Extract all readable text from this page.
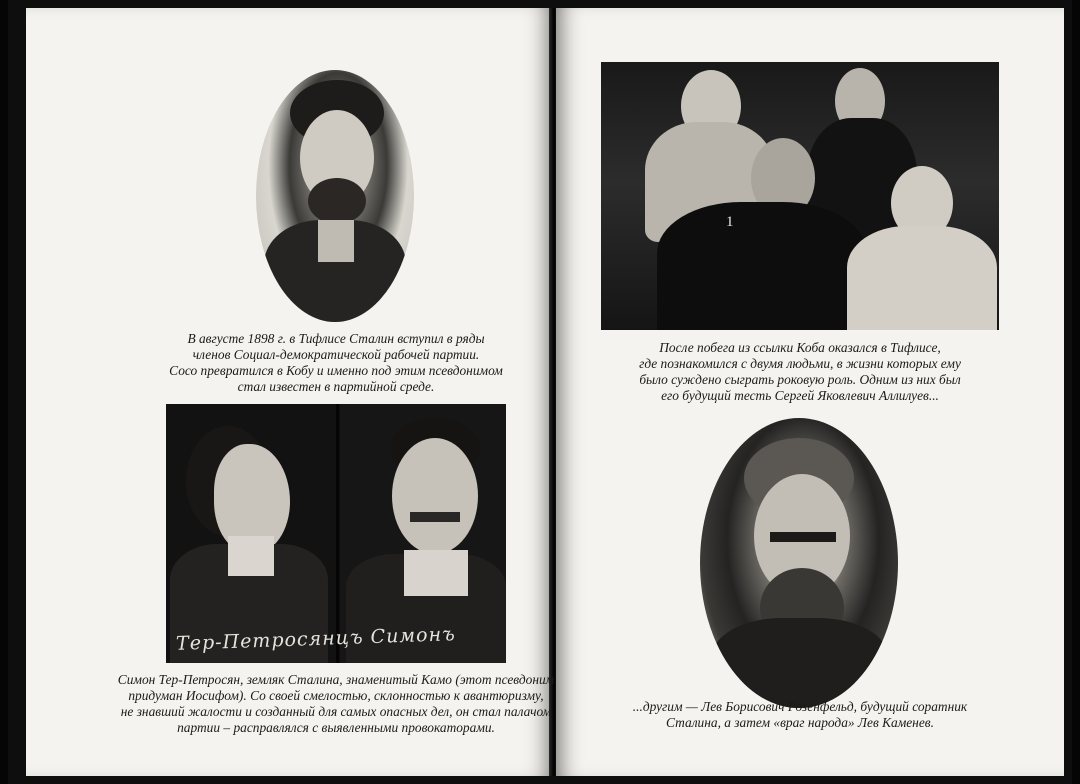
Тер-Петросянцъ Симонъ
1

В августе 1898 г. в Тифлисе Сталин вступил в ряды
членов Социал-демократической рабочей партии.
Сосо превратился в Кобу и именно под этим псевдонимом
стал известен в партийной среде.

Симон Тер-Петросян, земляк Сталина, знаменитый Камо (этот псевдоним
придуман Иосифом). Со своей смелостью, склонностью к авантюризму,
не знавший жалости и созданный для самых опасных дел, он стал палачом
партии – расправлялся с выявленными провокаторами.

После побега из ссылки Коба оказался в Тифлисе,
где познакомился с двумя людьми, в жизни которых ему
было суждено сыграть роковую роль. Одним из них был
его будущий тесть Сергей Яковлевич Аллилуев...

...другим — Лев Борисович Розенфельд, будущий соратник
Сталина, а затем «враг народа» Лев Каменев.
